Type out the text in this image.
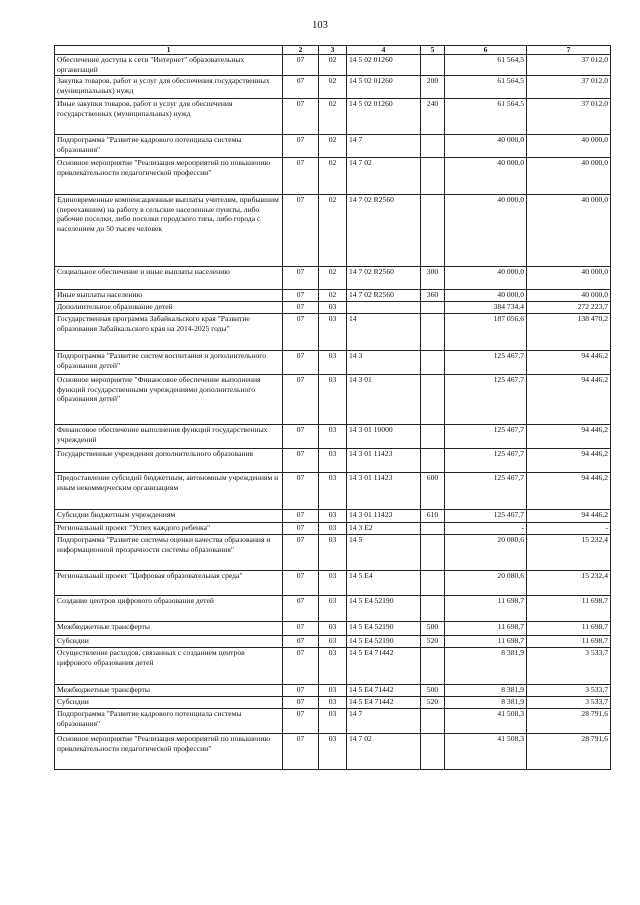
103
1	2	3	4	5	6	7
Обеспечение доступа к сети "Интернет" образовательных организаций	07	02	14 5 02 01260		61 564,5	37 012,0
Закупка товаров, работ и услуг для обеспечения государственных (муниципальных) нужд	07	02	14 5 02 01260	200	61 564,5	37 012,0
Иные закупки товаров, работ и услуг для обеспечения государственных (муниципальных) нужд	07	02	14 5 02 01260	240	61 564,5	37 012,0
Подпрограмма "Развитие кадрового потенциала системы образования"	07	02	14 7		40 000,0	40 000,0
Основное мероприятие "Реализация мероприятий по повышению привлекательности педагогической профессии"	07	02	14 7 02		40 000,0	40 000,0
Единовременные компенсационные выплаты учителям, прибывшим (переехавшим) на работу в сельские населенные пункты, либо рабочие поселки, либо поселки городского типа, либо города с населением до 50 тысяч человек	07	02	14 7 02 R2560		40 000,0	40 000,0
Социальное обеспечение и иные выплаты населению	07	02	14 7 02 R2560	300	40 000,0	40 000,0
Иные выплаты населению	07	02	14 7 02 R2560	360	40 000,0	40 000,0
Дополнительное образование детей	07	03			384 734,4	272 223,7
Государственная программа Забайкальского края "Развитие образования Забайкальского края на 2014-2025 годы"	07	03	14		187 056,6	138 470,2
Подпрограмма "Развитие систем воспитания и дополнительного образования детей"	07	03	14 3		125 467,7	94 446,2
Основное мероприятие "Финансовое обеспечение выполнения функций государственными учреждениями дополнительного образования детей"	07	03	14 3 01		125 467,7	94 446,2
Финансовое обеспечение выполнения функций государственных учреждений	07	03	14 3 01 10000		125 467,7	94 446,2
Государственные учреждения дополнительного образования	07	03	14 3 01 11423		125 467,7	94 446,2
Предоставление субсидий бюджетным, автономным учреждениям и иным некоммерческим организациям	07	03	14 3 01 11423	600	125 467,7	94 446,2
Субсидии бюджетным учреждениям	07	03	14 3 01 11423	610	125 467,7	94 446,2
Региональный проект "Успех каждого ребенка"	07	03	14 3 E2		-	-
Подпрограмма "Развитие системы оценки качества образования и информационной прозрачности системы образования"	07	03	14 5		20 080,6	15 232,4
Региональный проект "Цифровая образовательная среда"	07	03	14 5 E4		20 080,6	15 232,4
Создание центров цифрового образования детей	07	03	14 5 E4 52190		11 698,7	11 698,7
Межбюджетные трансферты	07	03	14 5 E4 52190	500	11 698,7	11 698,7
Субсидии	07	03	14 5 E4 52190	520	11 698,7	11 698,7
Осуществление расходов, связанных с созданием центров цифрового образования детей	07	03	14 5 E4 71442		8 381,9	3 533,7
Межбюджетные трансферты	07	03	14 5 E4 71442	500	8 381,9	3 533,7
Субсидии	07	03	14 5 E4 71442	520	8 381,9	3 533,7
Подпрограмма "Развитие кадрового потенциала системы образования"	07	03	14 7		41 508,3	28 791,6
Основное мероприятие "Реализация мероприятий по повышению привлекательности педагогической профессии"	07	03	14 7 02		41 508,3	28 791,6
